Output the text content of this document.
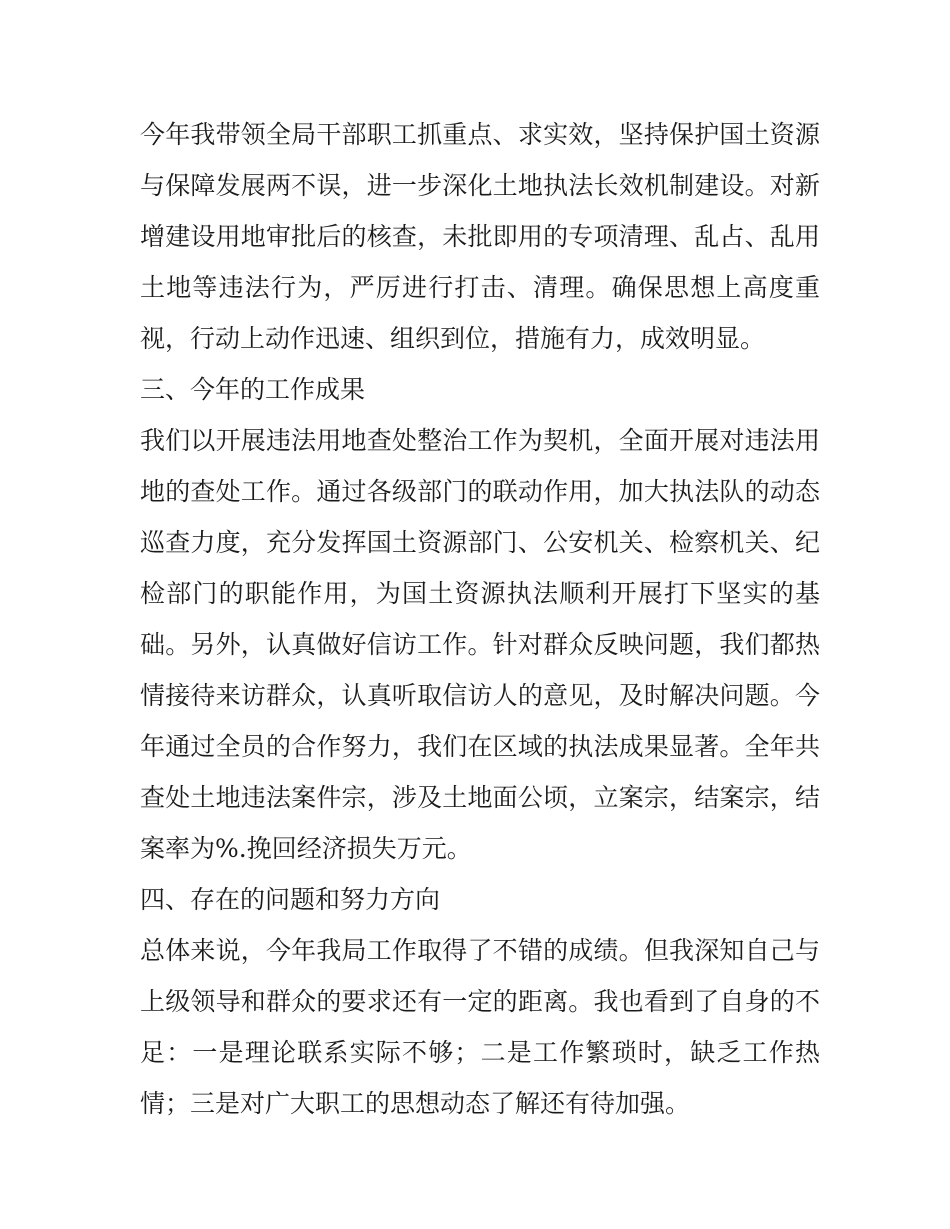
今年我带领全局干部职工抓重点、求实效，坚持保护国土资源
与保障发展两不误，进一步深化土地执法长效机制建设。对新
增建设用地审批后的核查，未批即用的专项清理、乱占、乱用
土地等违法行为，严厉进行打击、清理。确保思想上高度重
视，行动上动作迅速、组织到位，措施有力，成效明显。
三、今年的工作成果
我们以开展违法用地查处整治工作为契机，全面开展对违法用
地的查处工作。通过各级部门的联动作用，加大执法队的动态
巡查力度，充分发挥国土资源部门、公安机关、检察机关、纪
检部门的职能作用，为国土资源执法顺利开展打下坚实的基
础。另外，认真做好信访工作。针对群众反映问题，我们都热
情接待来访群众，认真听取信访人的意见，及时解决问题。今
年通过全员的合作努力，我们在区域的执法成果显著。全年共
查处土地违法案件宗，涉及土地面公顷，立案宗，结案宗，结
案率为%.挽回经济损失万元。
四、存在的问题和努力方向
总体来说，今年我局工作取得了不错的成绩。但我深知自己与
上级领导和群众的要求还有一定的距离。我也看到了自身的不
足：一是理论联系实际不够；二是工作繁琐时，缺乏工作热
情；三是对广大职工的思想动态了解还有待加强。
